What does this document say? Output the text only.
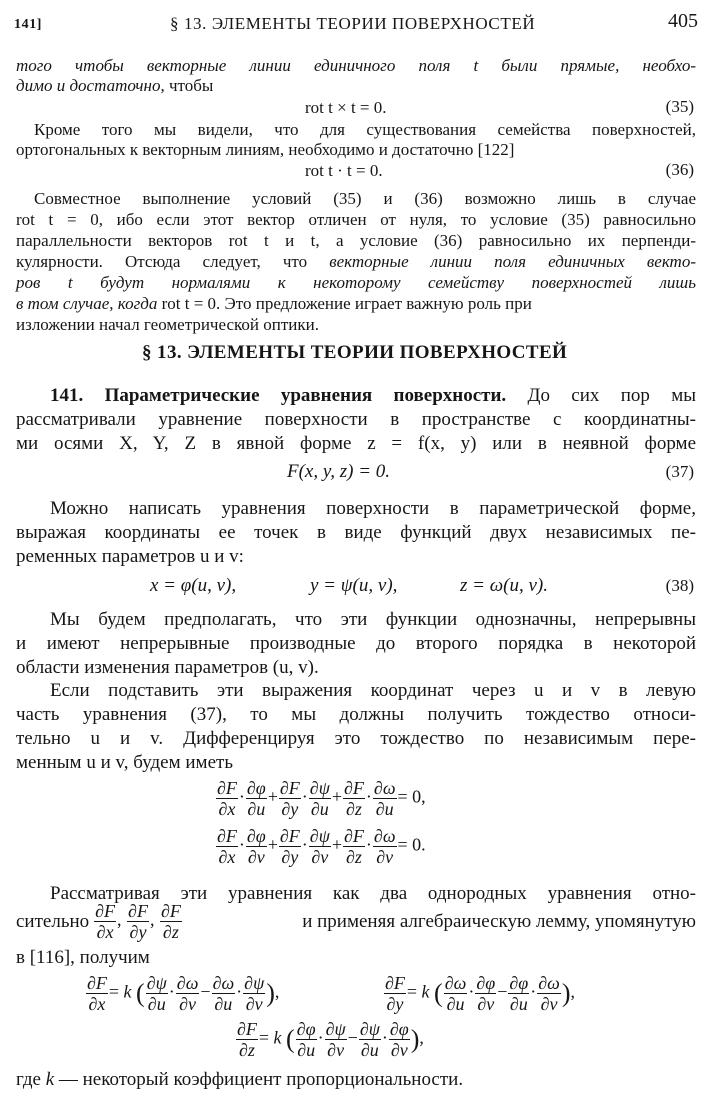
141]	§ 13. ЭЛЕМЕНТЫ ТЕОРИИ ПОВЕРХНОСТЕЙ	405
того чтобы векторные линии единичного поля t были прямые, необхо-
димо и достаточно, чтобы
rot t × t = 0.	(35)
Кроме того мы видели, что для существования семейства поверхностей,
ортогональных к векторным линиям, необходимо и достаточно [122]
rot t · t = 0.	(36)
Совместное выполнение условий (35) и (36) возможно лишь в случае
rot t = 0, ибо если этот вектор отличен от нуля, то условие (35) равносильно
параллельности векторов rot t и t, а условие (36) равносильно их перпенди-
кулярности. Отсюда следует, что векторные линии поля единичных векто-
ров t будут нормалями к некоторому семейству поверхностей лишь
в том случае, когда rot t = 0. Это предложение играет важную роль при
изложении начал геометрической оптики.
§ 13. ЭЛЕМЕНТЫ ТЕОРИИ ПОВЕРХНОСТЕЙ
141. Параметрические уравнения поверхности. До сих пор мы
рассматривали уравнение поверхности в пространстве с координатны-
ми осями X, Y, Z в явной форме z = f(x, y) или в неявной форме
F(x, y, z) = 0.	(37)
Можно написать уравнения поверхности в параметрической форме,
выражая координаты ее точек в виде функций двух независимых пе-
ременных параметров u и v:
x = φ(u, v),	y = ψ(u, v),	z = ω(u, v).	(38)
Мы будем предполагать, что эти функции однозначны, непрерывны
и имеют непрерывные производные до второго порядка в некоторой
области изменения параметров (u, v).
Если подставить эти выражения координат через u и v в левую
часть уравнения (37), то мы должны получить тождество относи-
тельно u и v. Дифференцируя это тождество по независимым пере-
менным u и v, будем иметь
$\frac{\partial F}{\partial x} \cdot \frac{\partial\varphi}{\partial u} + \frac{\partial F}{\partial y} \cdot \frac{\partial\psi}{\partial u} + \frac{\partial F}{\partial z} \cdot \frac{\partial\omega}{\partial u} = 0$,
$\frac{\partial F}{\partial x} \cdot \frac{\partial\varphi}{\partial v} + \frac{\partial F}{\partial y} \cdot \frac{\partial\psi}{\partial v} + \frac{\partial F}{\partial z} \cdot \frac{\partial\omega}{\partial v} = 0$.
Рассматривая эти уравнения как два однородных уравнения отно-
сительно $\frac{\partial F}{\partial x}$ , $\frac{\partial F}{\partial y}$ , $\frac{\partial F}{\partial z}$	и применяя алгебраическую лемму, упомянутую
в [116], получим
$\frac{\partial F}{\partial x} = k$ ( $\frac{\partial\psi}{\partial u} \cdot \frac{\partial\omega}{\partial v} - \frac{\partial\omega}{\partial u} \cdot \frac{\partial\psi}{\partial v}$ ),	$\frac{\partial F}{\partial y} = k$ ( $\frac{\partial\omega}{\partial u} \cdot \frac{\partial\varphi}{\partial v} - \frac{\partial\varphi}{\partial u} \cdot \frac{\partial\omega}{\partial v}$ ),
$\frac{\partial F}{\partial z} = k$ ( $\frac{\partial\varphi}{\partial u} \cdot \frac{\partial\psi}{\partial v} - \frac{\partial\psi}{\partial u} \cdot \frac{\partial\varphi}{\partial v}$ ),
где k — некоторый коэффициент пропорциональности.
